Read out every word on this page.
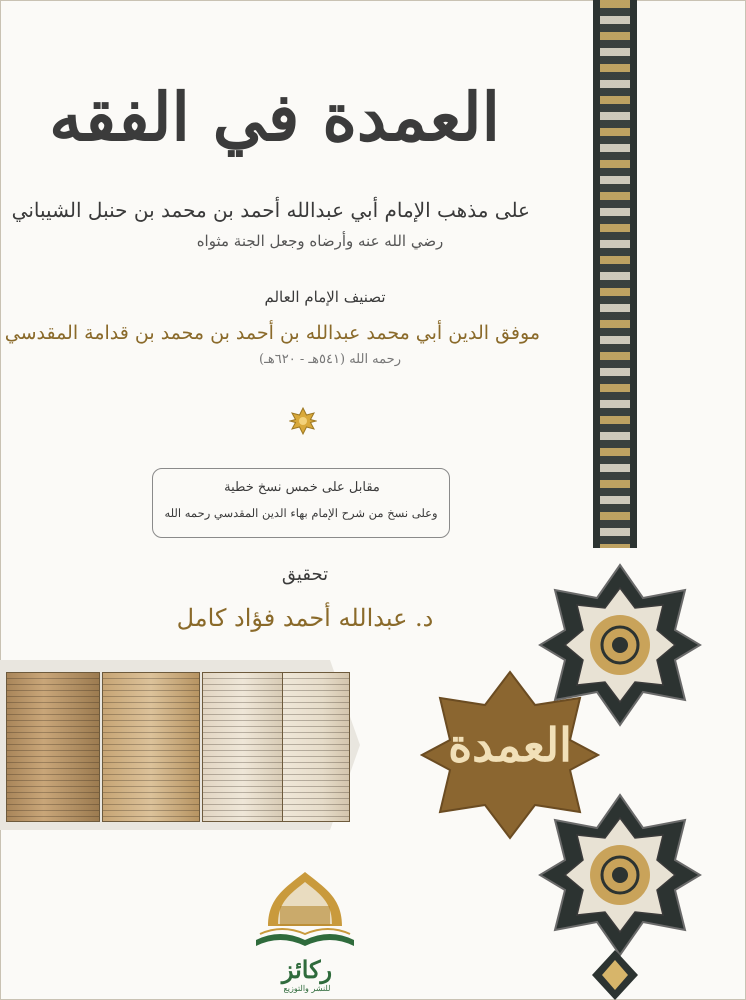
العمدة
العمدة في الفقه
على مذهب الإمام أبي عبدالله أحمد بن محمد بن حنبل الشيباني
رضي الله عنه وأرضاه وجعل الجنة مثواه
تصنيف الإمام العالم
موفق الدين أبي محمد عبدالله بن أحمد بن محمد بن قدامة المقدسي
رحمه الله (٥٤١هـ - ٦٢٠هـ)
مقابل على خمس نسخ خطية
وعلى نسخ من شرح الإمام بهاء الدين المقدسي رحمه الله
تحقيق
د. عبدالله أحمد فؤاد كامل
ركائز
للنشر والتوزيع
